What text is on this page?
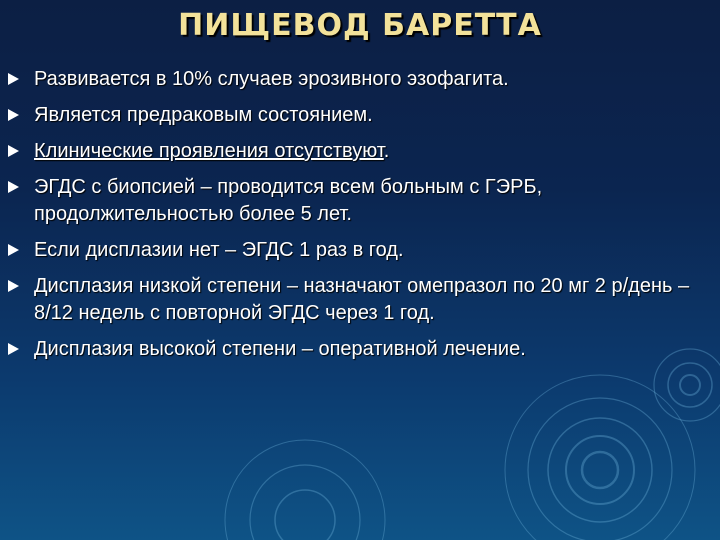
ПИЩЕВОД БАРЕТТА
Развивается в 10% случаев эрозивного эзофагита.
Является предраковым состоянием.
Клинические проявления отсутствуют.
ЭГДС с биопсией – проводится всем больным с ГЭРБ, продолжительностью более 5 лет.
Если дисплазии нет – ЭГДС 1 раз в год.
Дисплазия низкой степени – назначают омепразол по 20 мг 2 р/день – 8/12 недель с повторной ЭГДС через 1 год.
Дисплазия высокой степени – оперативной лечение.
